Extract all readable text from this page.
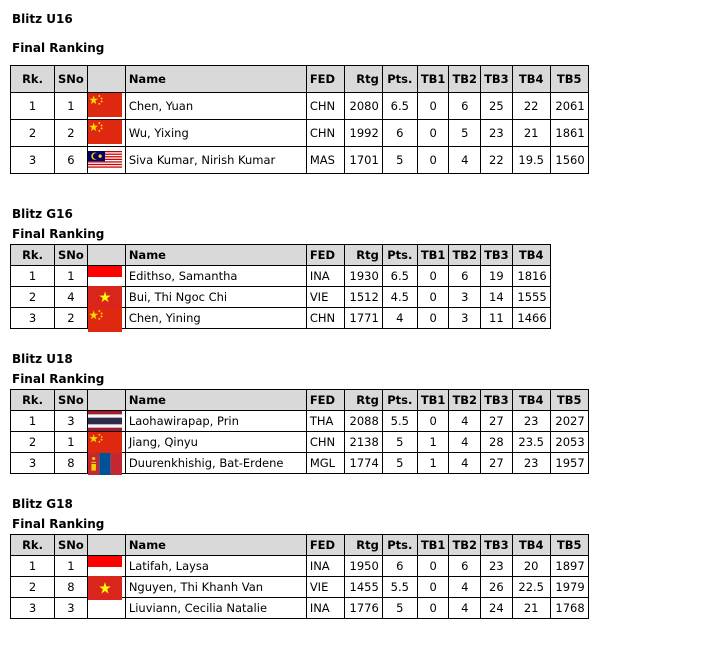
Blitz U16
Final Ranking
Rk.	SNo		Name	FED	Rtg	Pts.	TB1	TB2	TB3	TB4	TB5
1	1		Chen, Yuan	CHN	2080	6.5	0	6	25	22	2061
2	2		Wu, Yixing	CHN	1992	6	0	5	23	21	1861
3	6		Siva Kumar, Nirish Kumar	MAS	1701	5	0	4	22	19.5	1560
Blitz G16
Final Ranking
Rk.	SNo		Name	FED	Rtg	Pts.	TB1	TB2	TB3	TB4
1	1		Edithso, Samantha	INA	1930	6.5	0	6	19	1816
2	4		Bui, Thi Ngoc Chi	VIE	1512	4.5	0	3	14	1555
3	2		Chen, Yining	CHN	1771	4	0	3	11	1466
Blitz U18
Final Ranking
Rk.	SNo		Name	FED	Rtg	Pts.	TB1	TB2	TB3	TB4	TB5
1	3		Laohawirapap, Prin	THA	2088	5.5	0	4	27	23	2027
2	1		Jiang, Qinyu	CHN	2138	5	1	4	28	23.5	2053
3	8		Duurenkhishig, Bat-Erdene	MGL	1774	5	1	4	27	23	1957
Blitz G18
Final Ranking
Rk.	SNo		Name	FED	Rtg	Pts.	TB1	TB2	TB3	TB4	TB5
1	1		Latifah, Laysa	INA	1950	6	0	6	23	20	1897
2	8		Nguyen, Thi Khanh Van	VIE	1455	5.5	0	4	26	22.5	1979
3	3		Liuviann, Cecilia Natalie	INA	1776	5	0	4	24	21	1768
